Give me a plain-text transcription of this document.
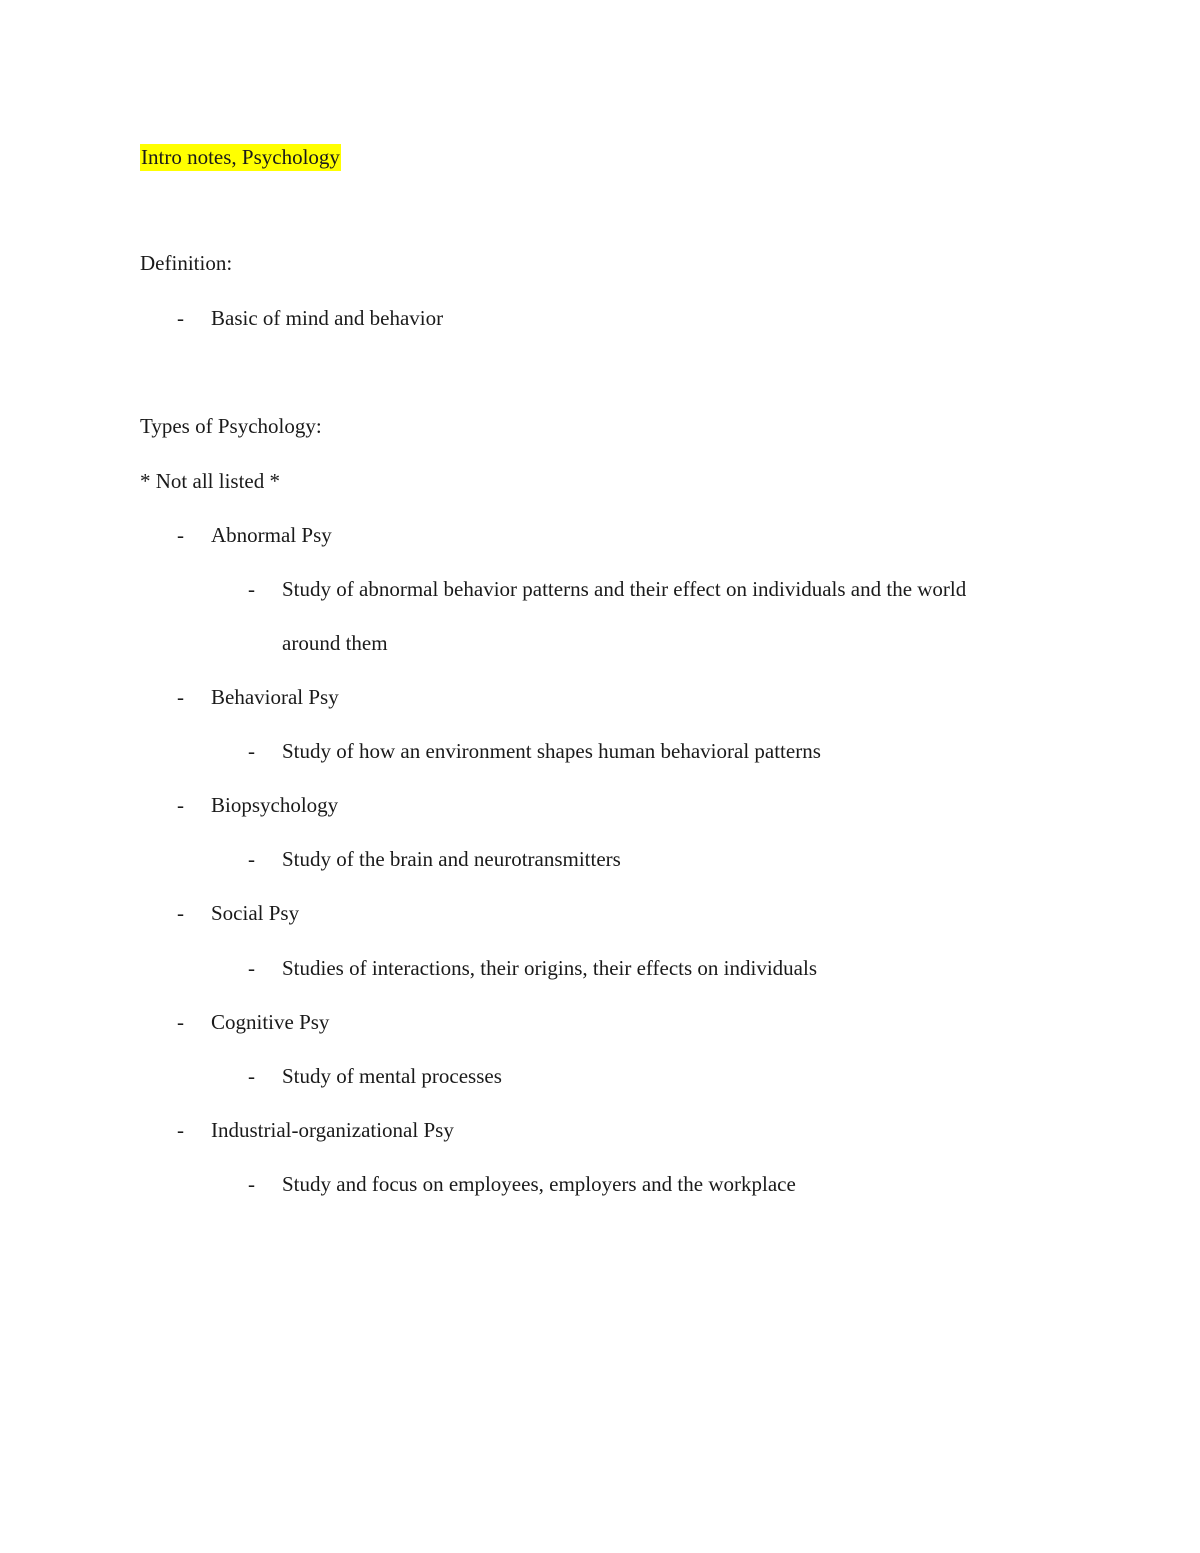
Intro notes, Psychology
Definition:
- Basic of mind and behavior
Types of Psychology:
* Not all listed *
- Abnormal Psy
- Study of abnormal behavior patterns and their effect on individuals and the world
around them
- Behavioral Psy
- Study of how an environment shapes human behavioral patterns
- Biopsychology
- Study of the brain and neurotransmitters
- Social Psy
- Studies of interactions, their origins, their effects on individuals
- Cognitive Psy
- Study of mental processes
- Industrial-organizational Psy
- Study and focus on employees, employers and the workplace
